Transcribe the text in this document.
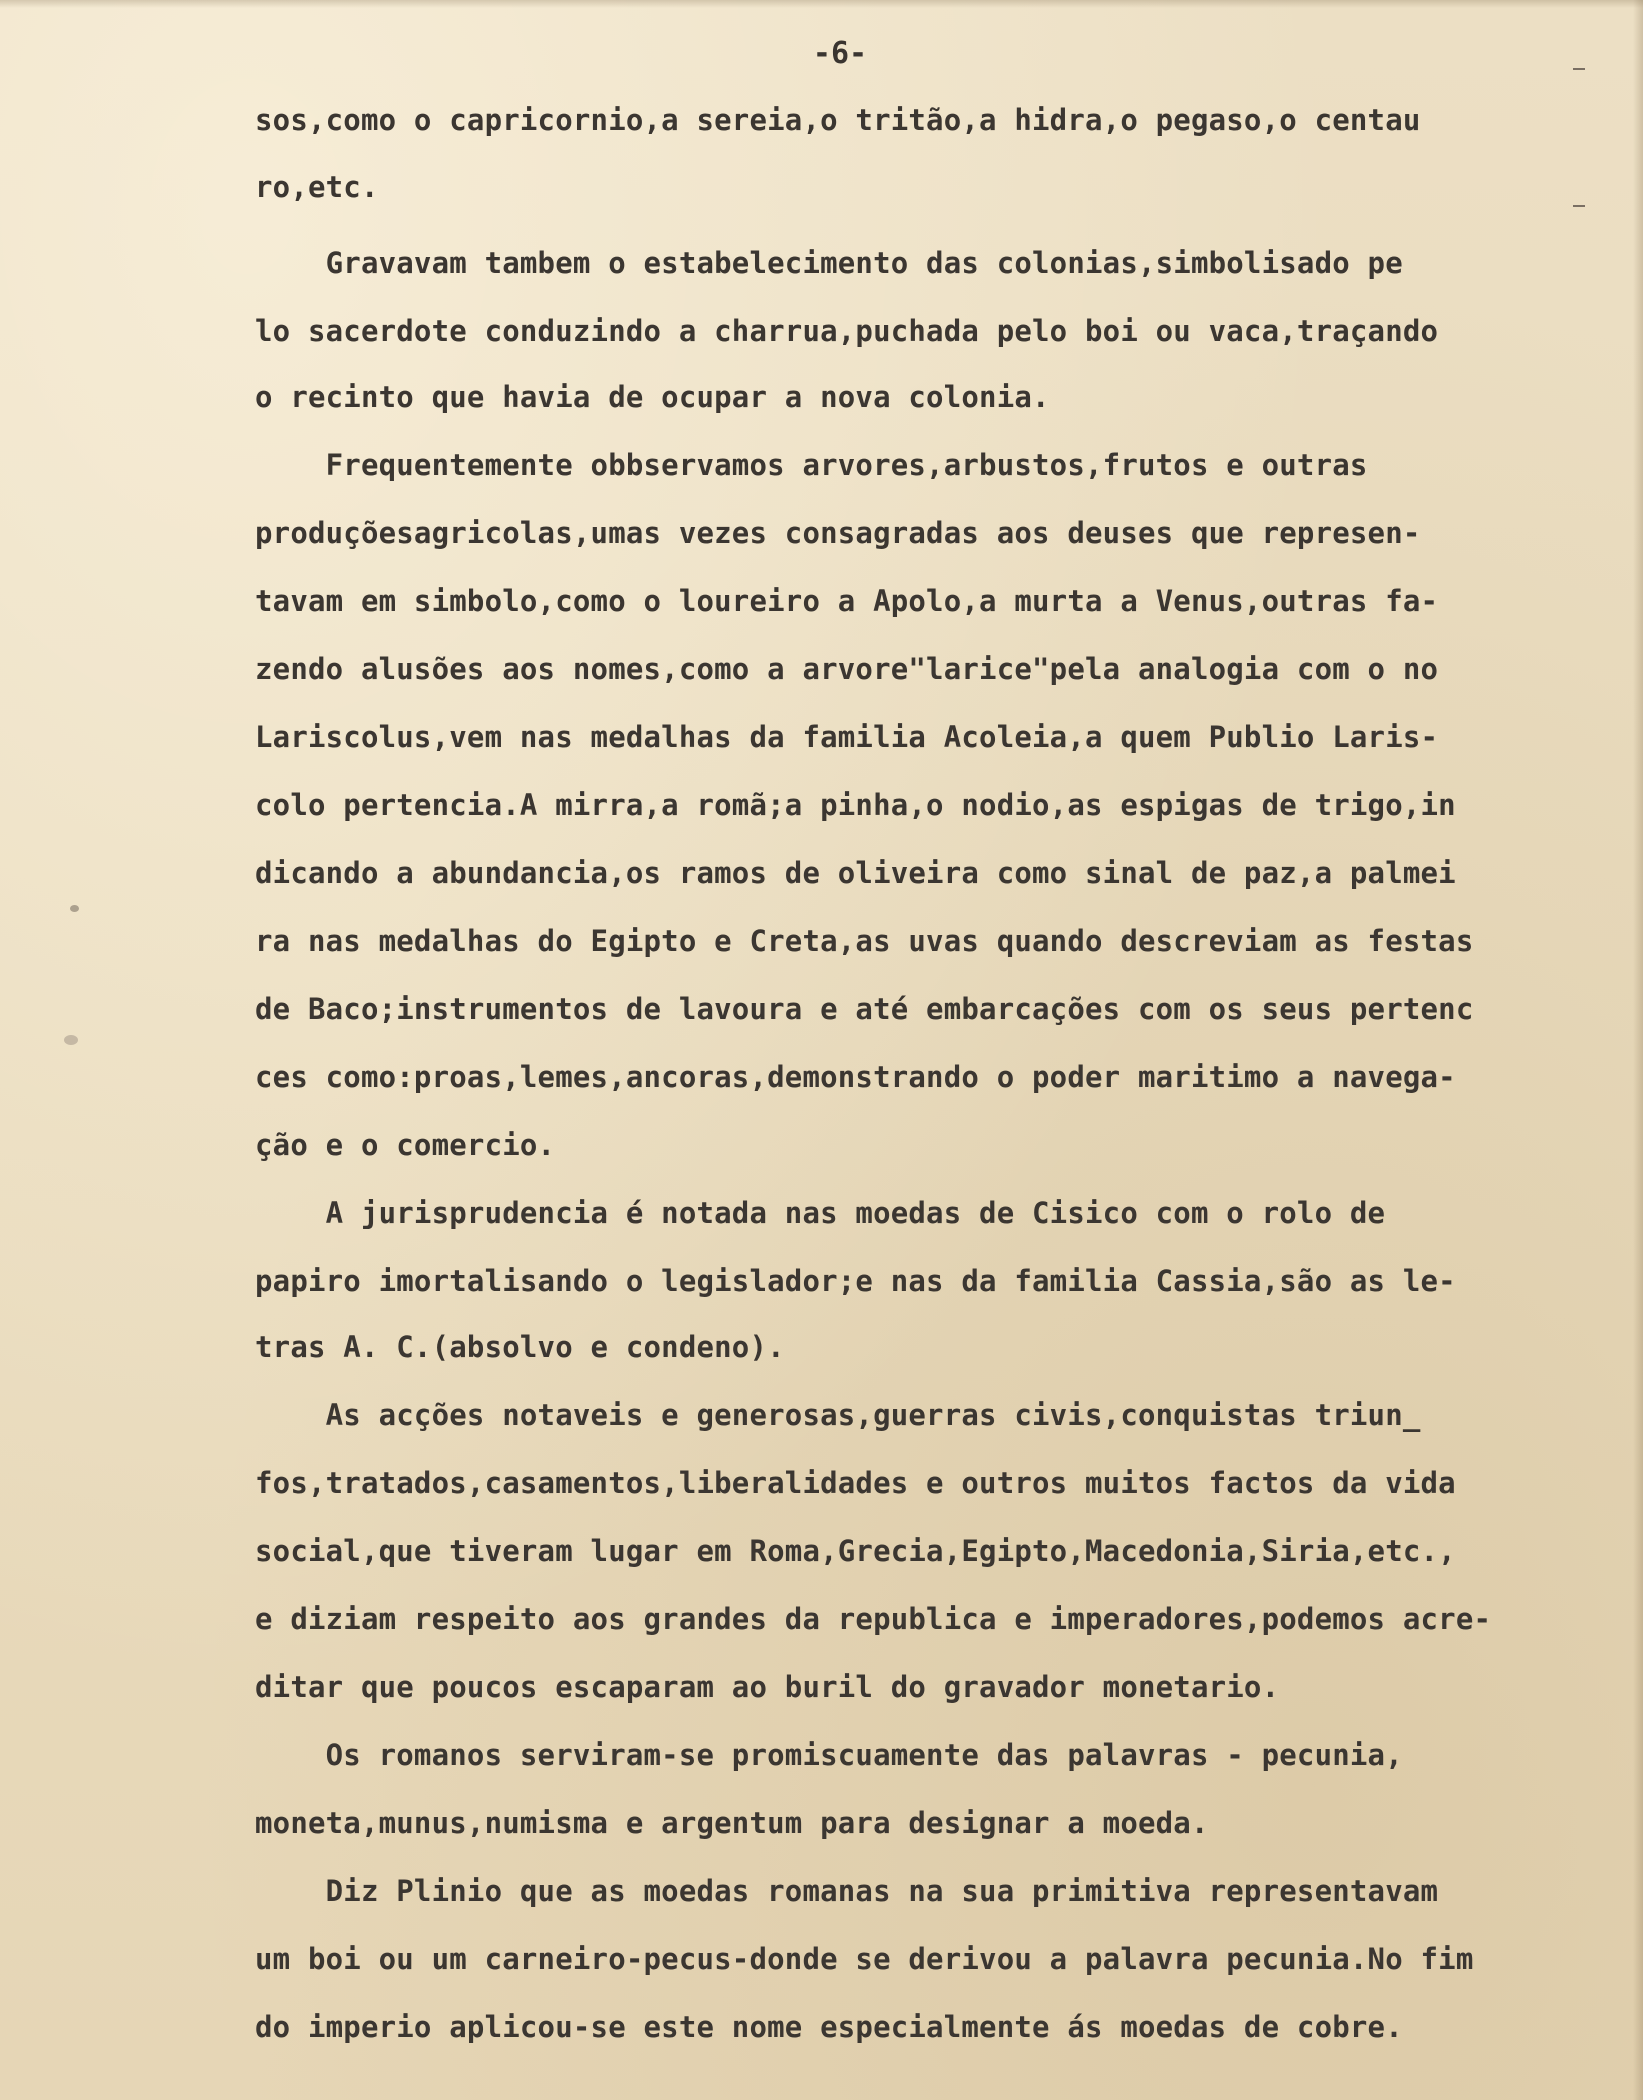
-6-
sos,como o capricornio,a sereia,o tritão,a hidra,o pegaso,o centau
ro,etc.
Gravavam tambem o estabelecimento das colonias,simbolisado pe
lo sacerdote conduzindo a charrua,puchada pelo boi ou vaca,traçando
o recinto que havia de ocupar a nova colonia.
Frequentemente obbservamos arvores,arbustos,frutos e outras
produçõesagricolas,umas vezes consagradas aos deuses que represen-
tavam em simbolo,como o loureiro a Apolo,a murta a Venus,outras fa-
zendo alusões aos nomes,como a arvore"larice"pela analogia com o no
Lariscolus,vem nas medalhas da familia Acoleia,a quem Publio Laris-
colo pertencia.A mirra,a romã;a pinha,o nodio,as espigas de trigo,in
dicando a abundancia,os ramos de oliveira como sinal de paz,a palmei
ra nas medalhas do Egipto e Creta,as uvas quando descreviam as festas
de Baco;instrumentos de lavoura e até embarcações com os seus pertenc
ces como:proas,lemes,ancoras,demonstrando o poder maritimo a navega-
ção e o comercio.
A jurisprudencia é notada nas moedas de Cisico com o rolo de
papiro imortalisando o legislador;e nas da familia Cassia,são as le-
tras A. C.(absolvo e condeno).
As acções notaveis e generosas,guerras civis,conquistas triun_
fos,tratados,casamentos,liberalidades e outros muitos factos da vida
social,que tiveram lugar em Roma,Grecia,Egipto,Macedonia,Siria,etc.,
e diziam respeito aos grandes da republica e imperadores,podemos acre-
ditar que poucos escaparam ao buril do gravador monetario.
Os romanos serviram-se promiscuamente das palavras - pecunia,
moneta,munus,numisma e argentum para designar a moeda.
Diz Plinio que as moedas romanas na sua primitiva representavam
um boi ou um carneiro-pecus-donde se derivou a palavra pecunia.No fim
do imperio aplicou-se este nome especialmente ás moedas de cobre.
